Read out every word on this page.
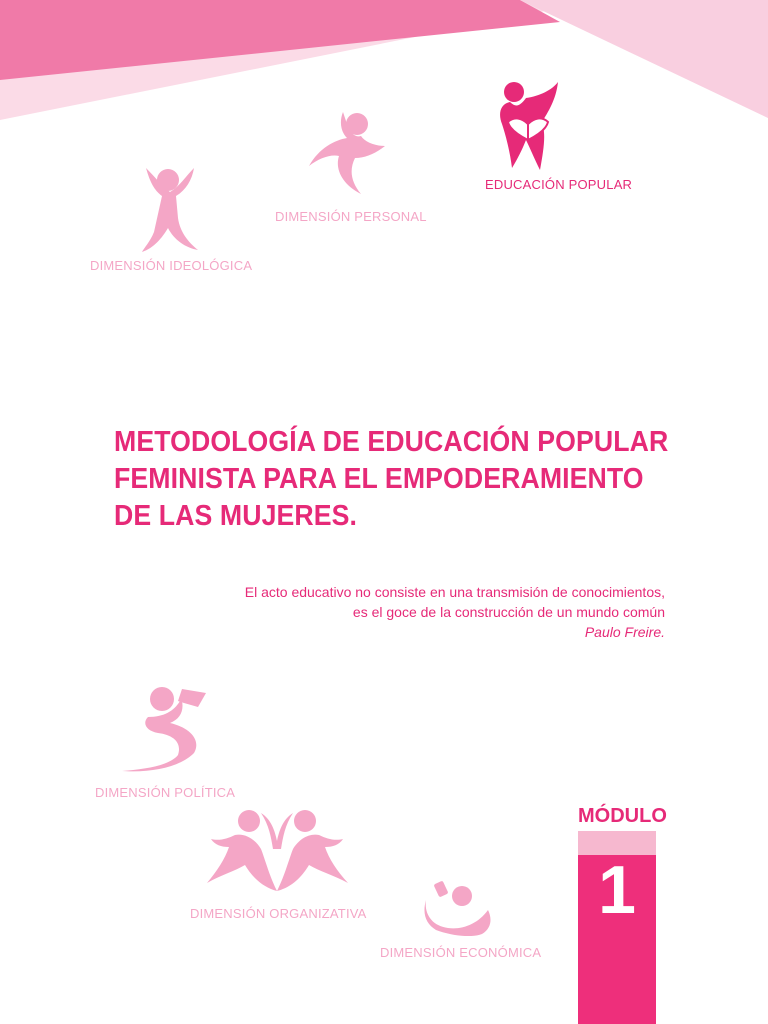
DIMENSIÓN IDEOLÓGICA
DIMENSIÓN PERSONAL
EDUCACIÓN POPULAR
METODOLOGÍA DE EDUCACIÓN POPULAR
FEMINISTA PARA EL EMPODERAMIENTO
DE LAS MUJERES.
El acto educativo no consiste en una transmisión de conocimientos,
es el goce de la construcción de un mundo común
Paulo Freire.
DIMENSIÓN POLÍTICA
DIMENSIÓN ORGANIZATIVA
DIMENSIÓN ECONÓMICA
MÓDULO
1
